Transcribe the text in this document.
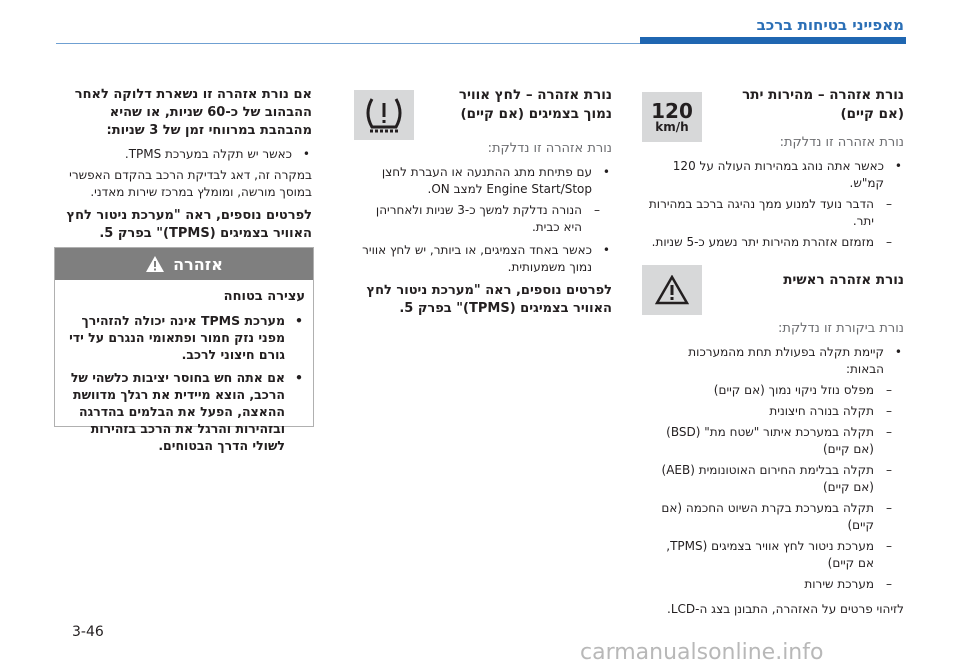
מאפייני בטיחות ברכב
120
km/h
נורת אזהרה – מהירות יתר (אם קיים)
נורת אזהרה זו נדלקת:
• כאשר אתה נוהג במהירות העולה על 120 קמ"ש.
– הדבר נועד למנוע ממך נהיגה ברכב במהירות יתר.
– מזמזם אזהרת מהירות יתר נשמע כ-5 שניות.
נורת אזהרה ראשית
נורת ביקורת זו נדלקת:
• קיימת תקלה בפעולת תחת מהמערכות הבאות:
– מפלס נוזל ניקוי נמוך (אם קיים)
– תקלה בנורה חיצונית
– תקלה במערכת איתור "שטח מת" (BSD)(אם קיים)
– תקלה בבלימת החירום האוטונומית (AEB)(אם קיים)
– תקלה במערכת בקרת השיוט החכמה (אם קיים)
– מערכת ניטור לחץ אוויר בצמיגים (TPMS, אם קיים)
– מערכת שירות
לזיהוי פרטים על האזהרה, התבונן בצג ה-LCD.
נורת אזהרה – לחץ אוויר נמוך בצמיגים (אם קיים)
נורת אזהרה זו נדלקת:
• עם פתיחת מתג ההתנעה או העברת לחצן Engine Start/Stop למצב ON.
– הנורה נדלקת למשך כ-3 שניות ולאחריהן היא כבית.
• כאשר באחד הצמיגים, או ביותר, יש לחץ אוויר נמוך משמעותית.
לפרטים נוספים, ראה "מערכת ניטור לחץ האוויר בצמיגים (TPMS)" בפרק 5.
אם נורת אזהרה זו נשארת דלוקה לאחר ההבהוב של כ-60 שניות, או שהיא מהבהבת במרווחי זמן של 3 שניות:
• כאשר יש תקלה במערכת TPMS.
במקרה זה, דאג לבדיקת הרכב בהקדם האפשרי במוסך מורשה, ומומלץ במרכז שירות מאדני.
לפרטים נוספים, ראה "מערכת ניטור לחץ האוויר בצמיגים (TPMS)" בפרק 5.
אזהרה
עצירה בטוחה
• מערכת TPMS אינה יכולה להזהירך מפני נזק חמור ופתאומי הנגרם על ידי גורם חיצוני לרכב.
• אם אתה חש בחוסר יציבות כלשהי של הרכב, הוצא מיידית את רגלך מדוושת ההאצה, הפעל את הבלמים בהדרגה ובזהירות והרגל את הרכב בזהירות לשולי הדרך הבטוחים.
3-46
carmanualsonline.info
